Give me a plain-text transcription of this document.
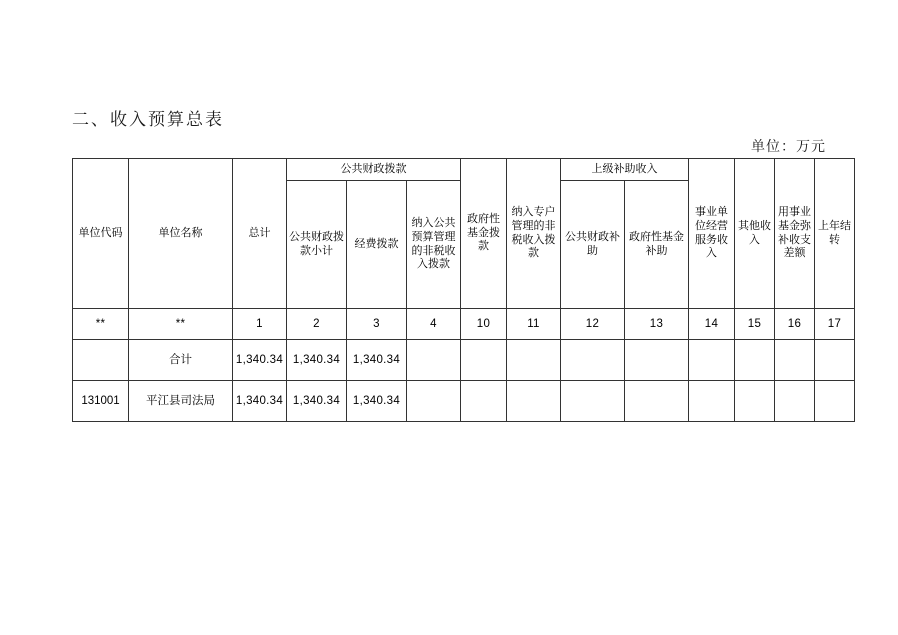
二、收入预算总表
单位：万元
单位代码	单位名称	总计	公共财政拨款			政府性基金拨款	纳入专户管理的非税收入拨款	上级补助收入		事业单位经营服务收入	其他收入	用事业基金弥补收支差额	上年结转
			公共财政拨款小计	经费拨款	纳入公共预算管理的非税收入拨款			公共财政补助	政府性基金补助				

**	**	1	2	3	4	10	11	12	13	14	15	16	17
	合计	1,340.34	1,340.34	1,340.34									
131001	平江县司法局	1,340.34	1,340.34	1,340.34									
